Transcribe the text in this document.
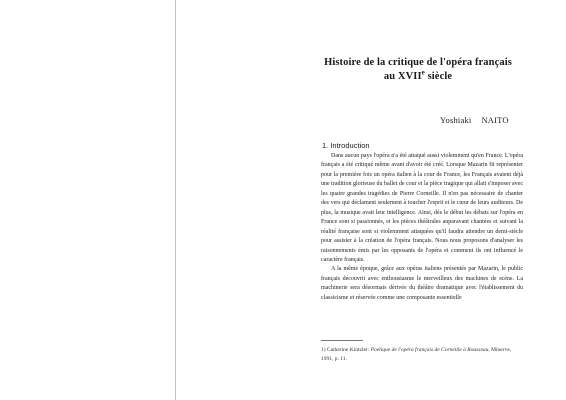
Histoire de la critique de l'opéra français
au XVIIe siècle
Yoshiaki NAITO
1. Introduction

Dans aucun pays l'opéra n'a été attaqué aussi violemment qu'en France. L'opéra français a été critiqué même avant d'avoir été créé. Lorsque Mazarin fit représenter pour la première fois un opéra italien à la cour de France, les Français avaient déjà une tradition glorieuse du ballet de cour et la pièce tragique qui allait s'imposer avec les quatre grandes tragédies de Pierre Corneille. Il n'en pas nécessaire de chanter des vers qui déclament seulement à toucher l'esprit et le cœur de leurs auditeurs. De plus, la musique avait leur intelligence. Ainsi, dès le début les débats sur l'opéra en France sont si passionnés, et les pièces théâtrales auparavant chantées et suivant la réalité française sont si violemment attaquées qu'il faudra attendre un demi-siècle pour assister à la création de l'opéra français. Nous nous proposons d'analyser les raisonnements émis par les opposants de l'opéra et comment ils ont influencé le caractère français.

A la même époque, grâce aux opéras italiens présentés par Mazarin, le public français découvrit avec enthousiasme le merveilleux des machines de scène. La machinerie sera désormais dérivée du théâtre dramatique avec l'établissement du classicisme et réservée comme une composante essentielle

1) Catherine Kintzler: Poétique de l'opéra français de Corneille à Rousseau, Minerve, 1991, p. 11.
